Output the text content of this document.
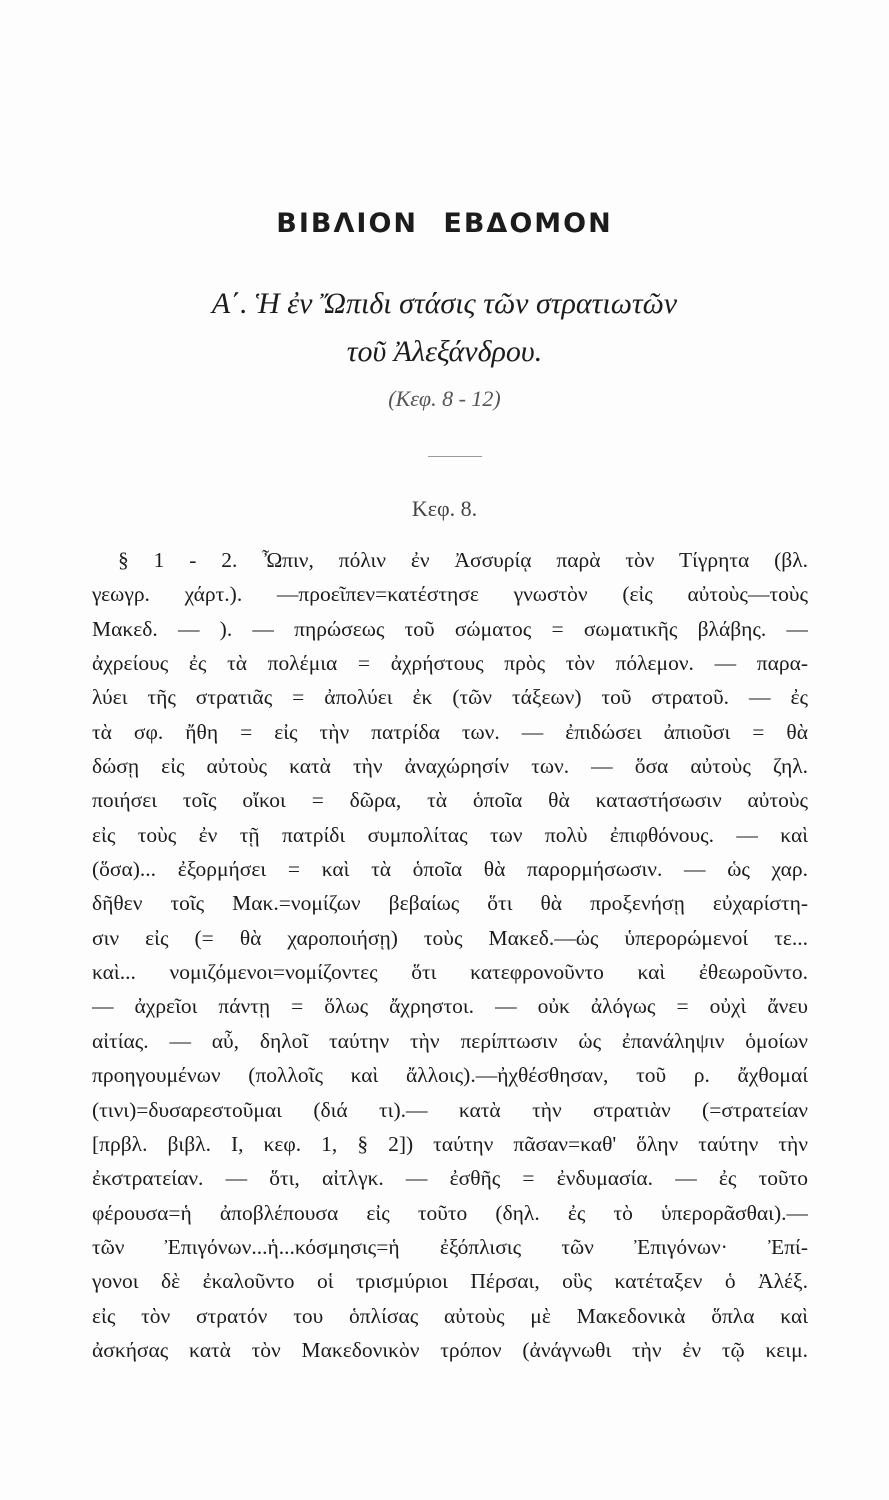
ΒΙΒΛΙΟΝ ΕΒΔΟΜΟΝ
Α΄. Ἡ ἐν Ὤπιδι στάσις τῶν στρατιωτῶν
τοῦ Ἀλεξάνδρου.
(Κεφ. 8 - 12)
Κεφ. 8.
§ 1 - 2. Ὦπιν, πόλιν ἐν Ἀσσυρίᾳ παρὰ τὸν Τίγρητα (βλ.
γεωγρ. χάρτ.). —προεῖπεν=κατέστησε γνωστὸν (εἰς αὐτοὺς—τοὺς
Μακεδ. — ). — πηρώσεως τοῦ σώματος = σωματικῆς βλάβης. —
ἀχρείους ἐς τὰ πολέμια = ἀχρήστους πρὸς τὸν πόλεμον. — παρα-
λύει τῆς στρατιᾶς = ἀπολύει ἐκ (τῶν τάξεων) τοῦ στρατοῦ. — ἐς
τὰ σφ. ἤθη = εἰς τὴν πατρίδα των. — ἐπιδώσει ἀπιοῦσι = θὰ
δώσῃ εἰς αὐτοὺς κατὰ τὴν ἀναχώρησίν των. — ὅσα αὐτοὺς ζηλ.
ποιήσει τοῖς οἴκοι = δῶρα, τὰ ὁποῖα θὰ καταστήσωσιν αὐτοὺς
εἰς τοὺς ἐν τῇ πατρίδι συμπολίτας των πολὺ ἐπιφθόνους. — καὶ
(ὅσα)... ἐξορμήσει = καὶ τὰ ὁποῖα θὰ παρορμήσωσιν. — ὡς χαρ.
δῆθεν τοῖς Μακ.=νομίζων βεβαίως ὅτι θὰ προξενήσῃ εὐχαρίστη-
σιν εἰς (= θὰ χαροποιήσῃ) τοὺς Μακεδ.—ὡς ὑπερορώμενοί τε...
καὶ... νομιζόμενοι=νομίζοντες ὅτι κατεφρονοῦντο καὶ ἐθεωροῦντο.
— ἀχρεῖοι πάντῃ = ὅλως ἄχρηστοι. — οὐκ ἀλόγως = οὐχὶ ἄνευ
αἰτίας. — αὖ, δηλοῖ ταύτην τὴν περίπτωσιν ὡς ἐπανάληψιν ὁμοίων
προηγουμένων (πολλοῖς καὶ ἄλλοις).—ἠχθέσθησαν, τοῦ ρ. ἄχθομαί
(τινι)=δυσαρεστοῦμαι (διά τι).— κατὰ τὴν στρατιὰν (=στρατείαν
[πρβλ. βιβλ. Ι, κεφ. 1, § 2]) ταύτην πᾶσαν=καθ' ὅλην ταύτην τὴν
ἐκστρατείαν. — ὅτι, αἰτλγκ. — ἐσθῆς = ἐνδυμασία. — ἐς τοῦτο
φέρουσα=ἡ ἀποβλέπουσα εἰς τοῦτο (δηλ. ἐς τὸ ὑπερορᾶσθαι).—
τῶν Ἐπιγόνων...ἡ...κόσμησις=ἡ ἐξόπλισις τῶν Ἐπιγόνων· Ἐπί-
γονοι δὲ ἐκαλοῦντο οἱ τρισμύριοι Πέρσαι, οὓς κατέταξεν ὁ Ἀλέξ.
εἰς τὸν στρατόν του ὁπλίσας αὐτοὺς μὲ Μακεδονικὰ ὅπλα καὶ
ἀσκήσας κατὰ τὸν Μακεδονικὸν τρόπον (ἀνάγνωθι τὴν ἐν τῷ κειμ.
